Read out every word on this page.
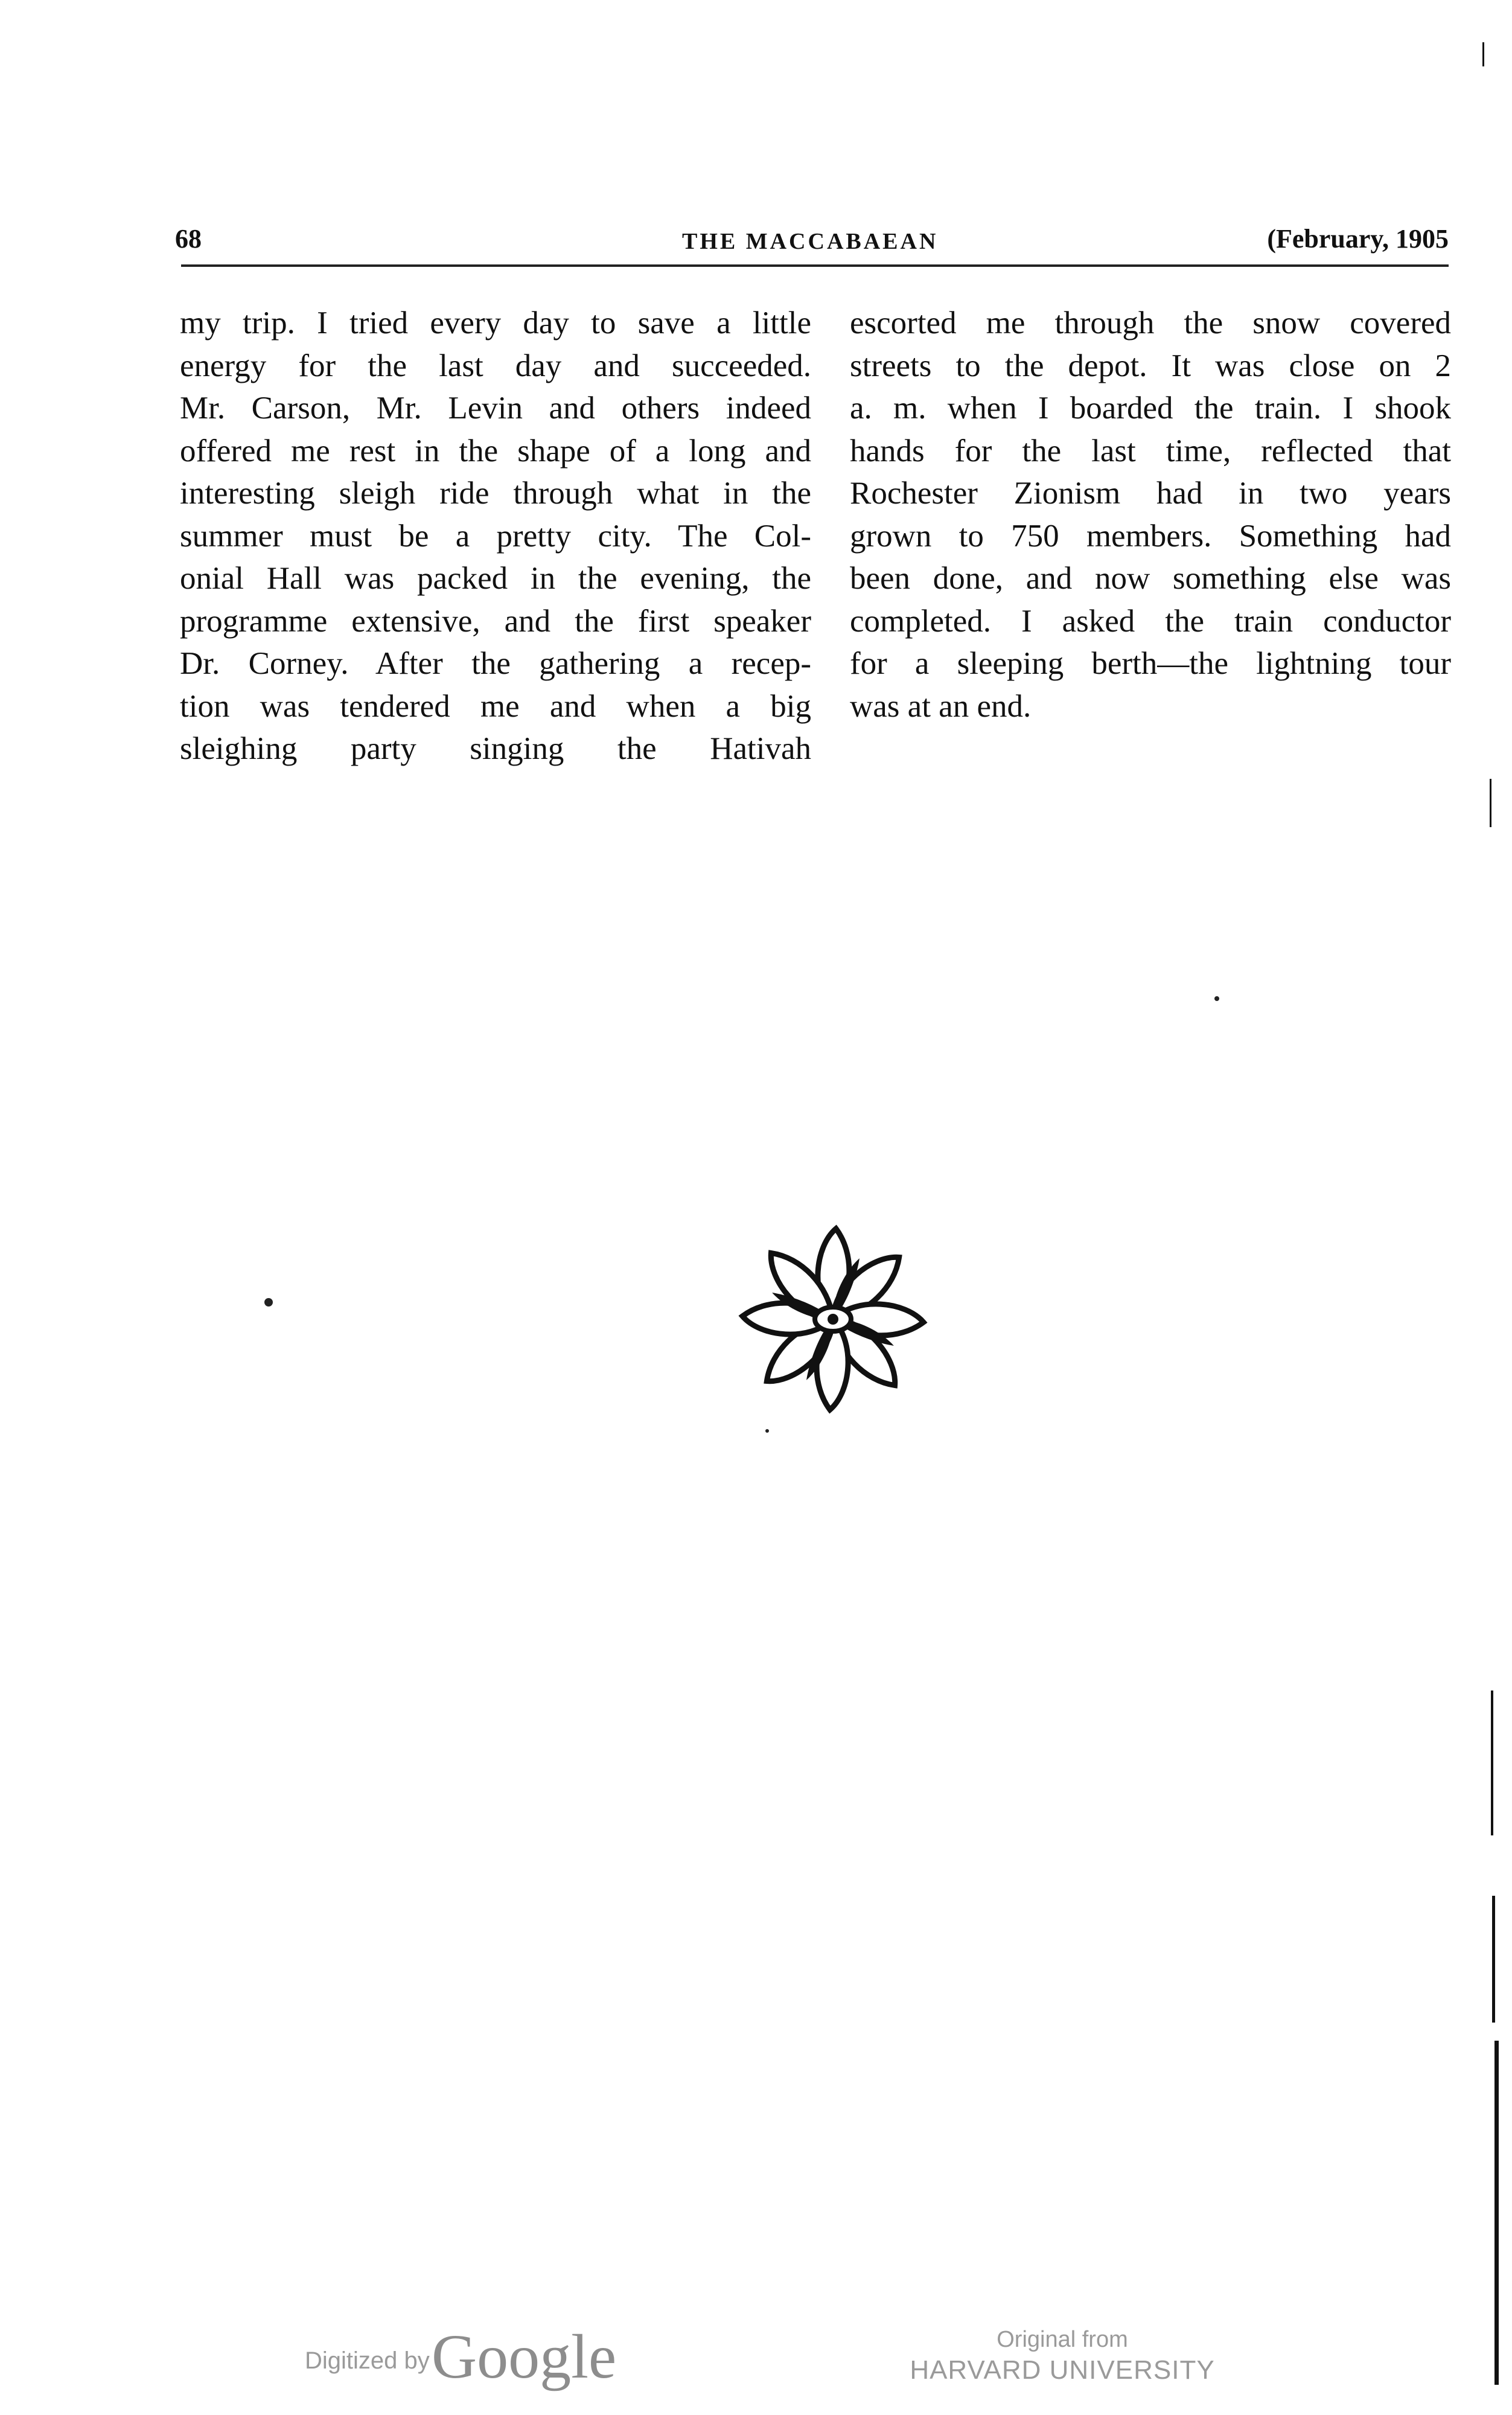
68	THE MACCABAEAN	(February, 1905
my trip. I tried every day to save a little
energy for the last day and succeeded.
Mr. Carson, Mr. Levin and others indeed
offered me rest in the shape of a long and
interesting sleigh ride through what in the
summer must be a pretty city. The Col-
onial Hall was packed in the evening, the
programme extensive, and the first speaker
Dr. Corney. After the gathering a recep-
tion was tendered me and when a big
sleighing party singing the Hativah
escorted me through the snow covered
streets to the depot. It was close on 2
a. m. when I boarded the train. I shook
hands for the last time, reflected that
Rochester Zionism had in two years
grown to 750 members. Something had
been done, and now something else was
completed. I asked the train conductor
for a sleeping berth—the lightning tour
was at an end.
Digitized by Google	Original from
HARVARD UNIVERSITY
